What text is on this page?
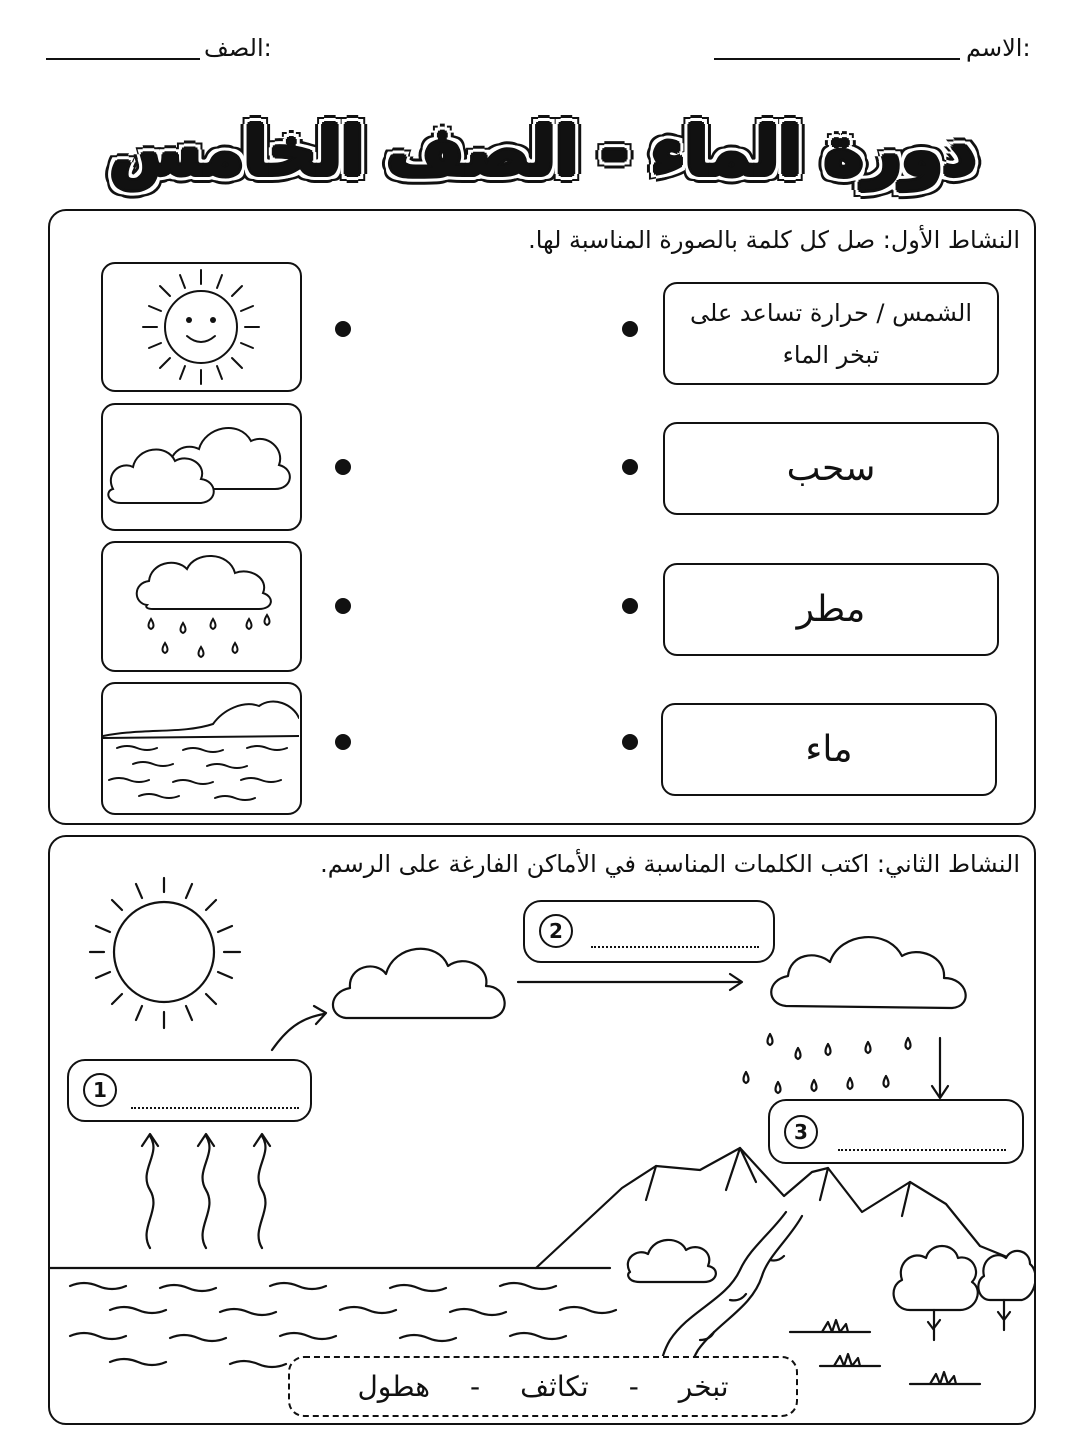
الاسم:
الصف:
دورة الماء - الصف الخامس
النشاط الأول: صل كل كلمة بالصورة المناسبة لها.
الشمس / حرارة تساعد على تبخر الماء
سحب
مطر
ماء
النشاط الثاني: اكتب الكلمات المناسبة في الأماكن الفارغة على الرسم.
1
2
3
تبخر
-
تكاثف
-
هطول
